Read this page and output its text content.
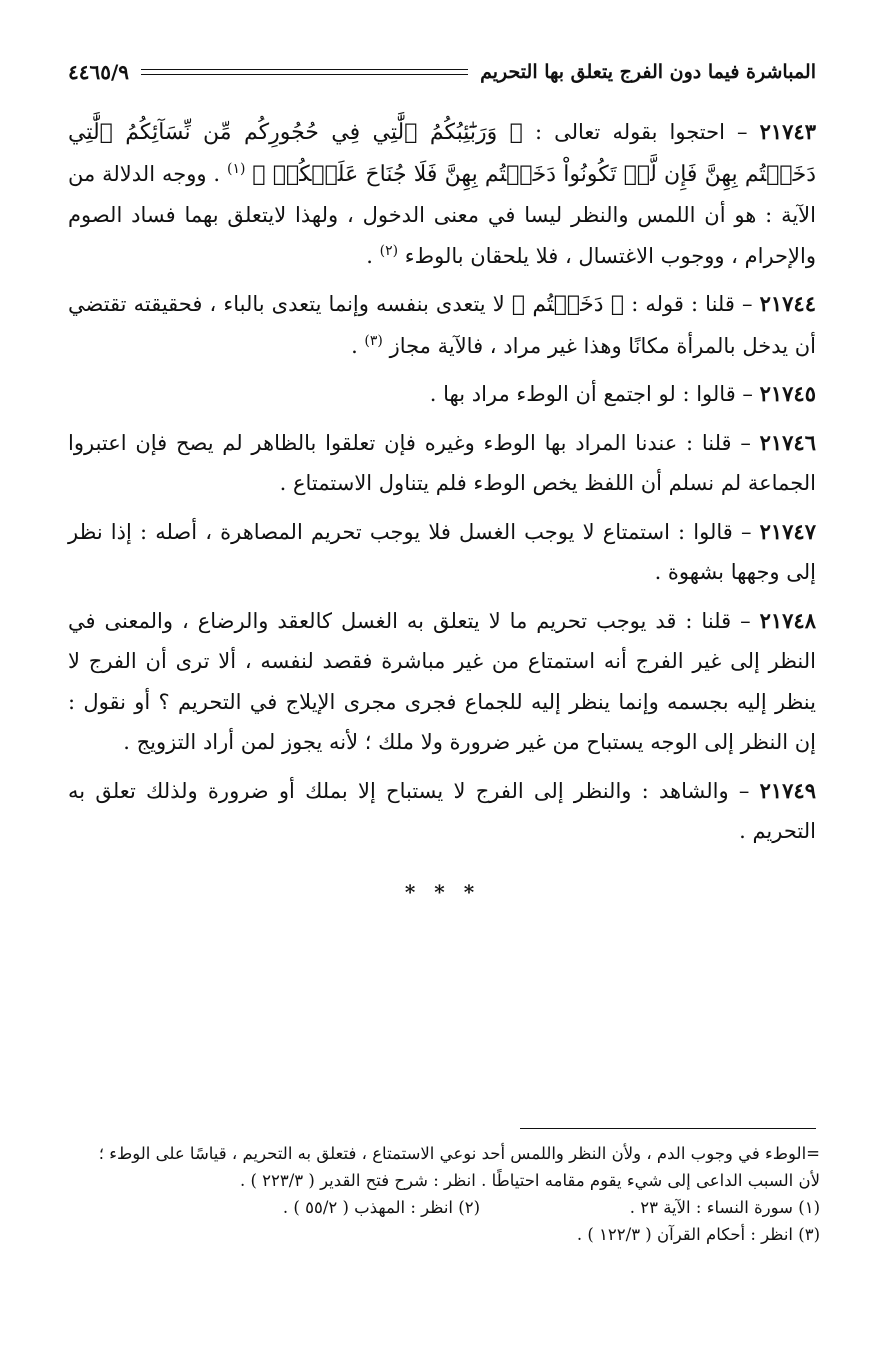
المباشرة فيما دون الفرج يتعلق بها التحريم
٤٤٦٥/٩

٢١٧٤٣ – احتجوا بقوله تعالى : ﴿ وَرَبَٰٓئِبُكُمُ ٱلَّٰتِي فِي حُجُورِكُم مِّن نِّسَآئِكُمُ ٱلَّٰتِي دَخَلۡتُم بِهِنَّ فَإِن لَّمۡ تَكُونُواْ دَخَلۡتُم بِهِنَّ فَلَا جُنَاحَ عَلَيۡكُمۡ ﴾ $^{(١)}$ . ووجه الدلالة من الآية : هو أن اللمس والنظر ليسا في معنى الدخول ، ولهذا لايتعلق بهما فساد الصوم والإحرام ، ووجوب الاغتسال ، فلا يلحقان بالوطء $^{(٢)}$ .

٢١٧٤٤ – قلنا : قوله : ﴿ دَخَلۡتُم ﴾ لا يتعدى بنفسه وإنما يتعدى بالباء ، فحقيقته تقتضي أن يدخل بالمرأة مكانًا وهذا غير مراد ، فالآية مجاز $^{(٣)}$ .

٢١٧٤٥ – قالوا : لو اجتمع أن الوطء مراد بها .

٢١٧٤٦ – قلنا : عندنا المراد بها الوطء وغيره فإن تعلقوا بالظاهر لم يصح فإن اعتبروا الجماعة لم نسلم أن اللفظ يخص الوطء فلم يتناول الاستمتاع .

٢١٧٤٧ – قالوا : استمتاع لا يوجب الغسل فلا يوجب تحريم المصاهرة ، أصله : إذا نظر إلى وجهها بشهوة .

٢١٧٤٨ – قلنا : قد يوجب تحريم ما لا يتعلق به الغسل كالعقد والرضاع ، والمعنى في النظر إلى غير الفرج أنه استمتاع من غير مباشرة فقصد لنفسه ، ألا ترى أن الفرج لا ينظر إليه بجسمه وإنما ينظر إليه للجماع فجرى مجرى الإيلاج في التحريم ؟ أو نقول : إن النظر إلى الوجه يستباح من غير ضرورة ولا ملك ؛ لأنه يجوز لمن أراد التزويج .

٢١٧٤٩ – والشاهد : والنظر إلى الفرج لا يستباح إلا بملك أو ضرورة ولذلك تعلق به التحريم .

* * *
=الوطء في وجوب الدم ، ولأن النظر واللمس أحد نوعي الاستمتاع ، فتعلق به التحريم ، قياسًا على الوطء ؛
لأن السبب الداعى إلى شيء يقوم مقامه احتياطًا . انظر : شرح فتح القدير ( ٢٢٣/٣ ) .
(١) سورة النساء : الآية ٢٣ .
(٢) انظر : المهذب ( ٥٥/٢ ) .
(٣) انظر : أحكام القرآن ( ١٢٢/٣ ) .
